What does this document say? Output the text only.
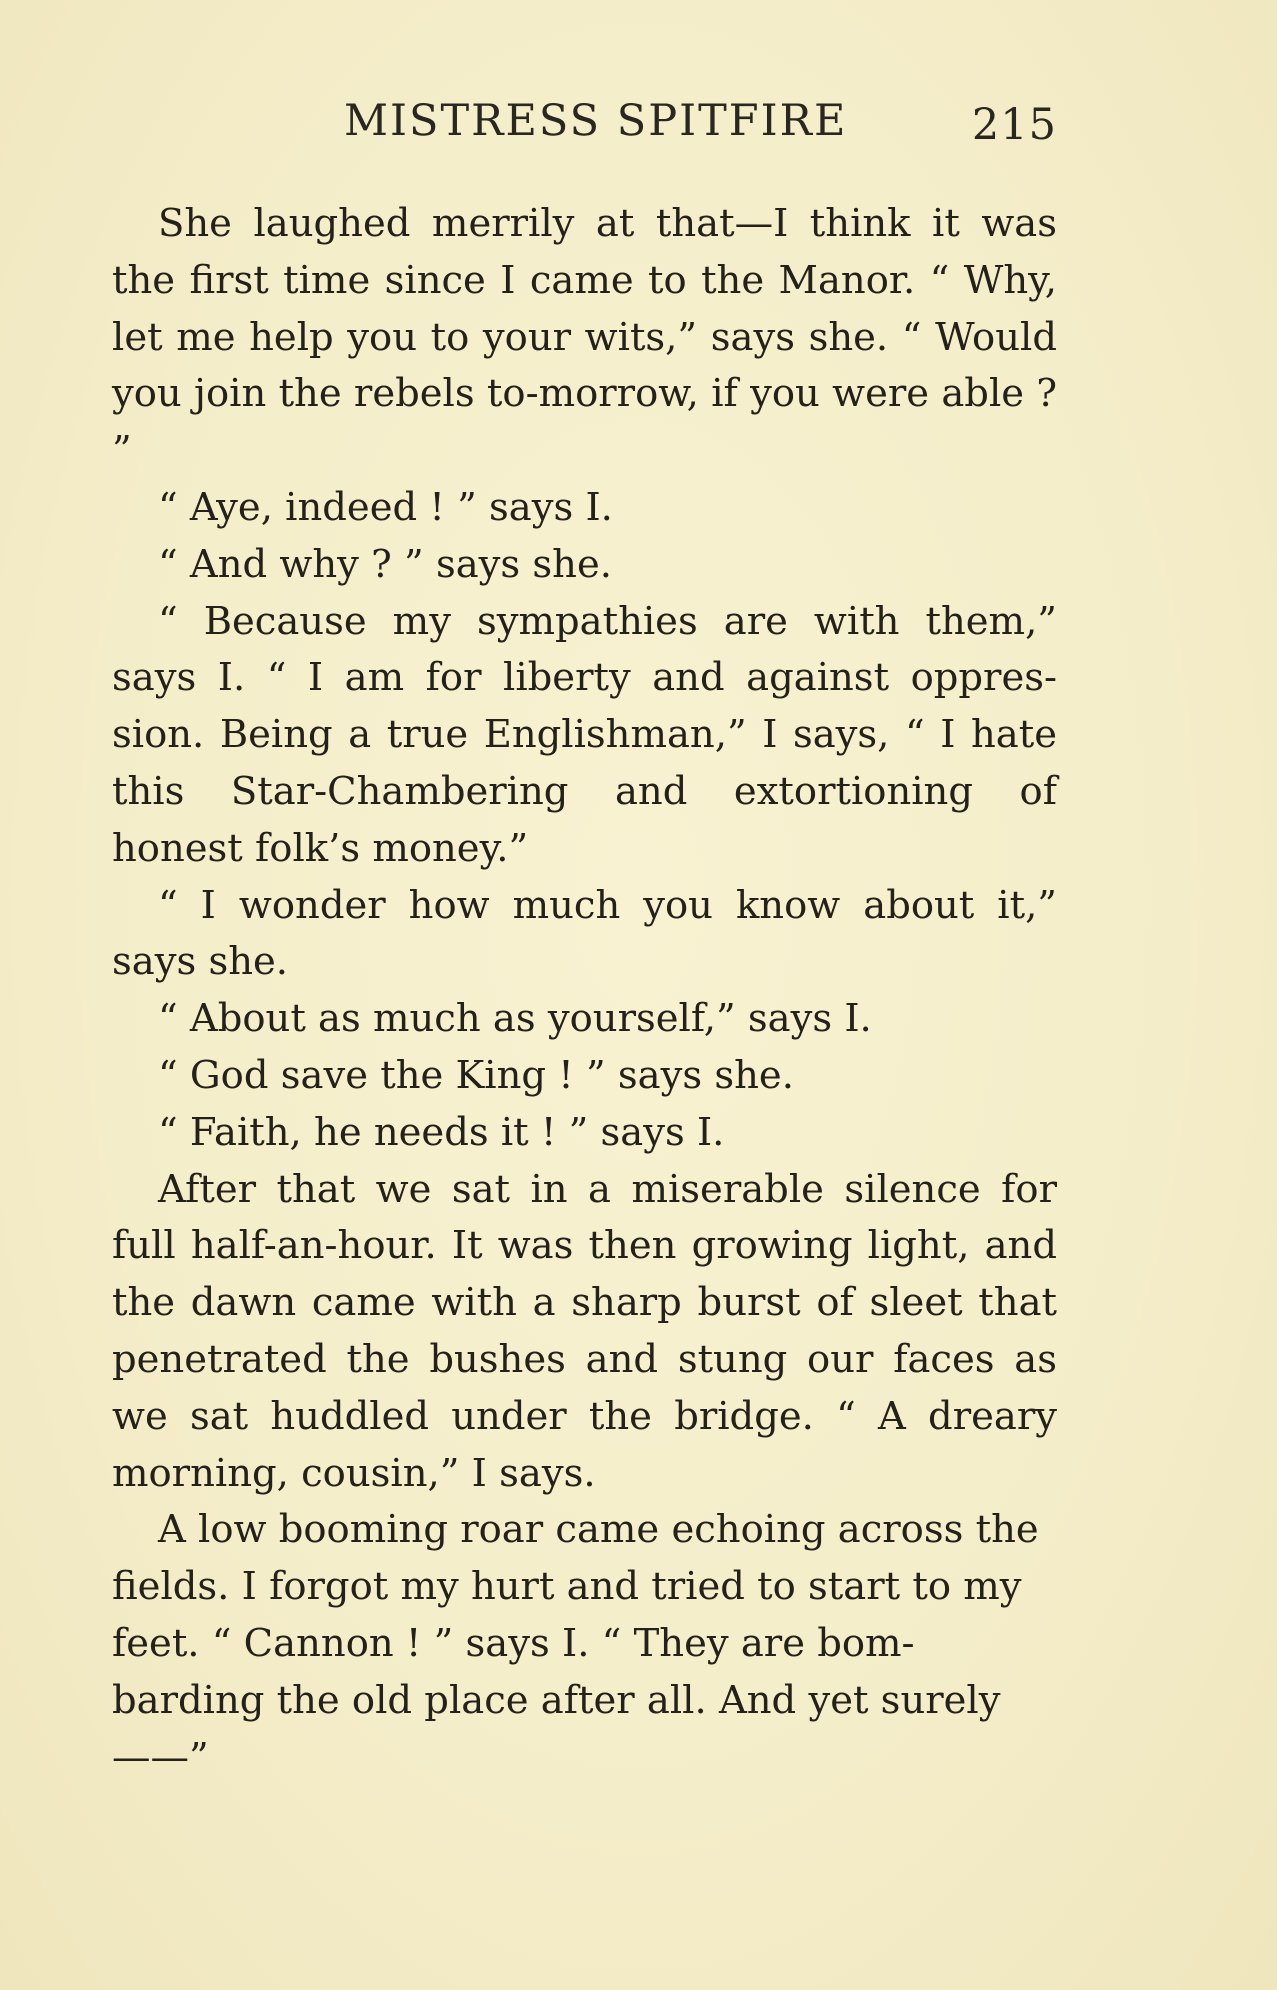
MISTRESS SPITFIRE	215

She laughed merrily at that—I think it was the first time since I came to the Manor. “ Why, let me help you to your wits,” says she. “ Would you join the rebels to-morrow, if you were able ? ”

“ Aye, indeed ! ” says I.

“ And why ? ” says she.

“ Because my sympathies are with them,” says I. “ I am for liberty and against oppres-sion. Being a true Englishman,” I says, “ I hate this Star-Chambering and extortioning of honest folk’s money.”

“ I wonder how much you know about it,” says she.

“ About as much as yourself,” says I.

“ God save the King ! ” says she.

“ Faith, he needs it ! ” says I.

After that we sat in a miserable silence for full half-an-hour. It was then growing light, and the dawn came with a sharp burst of sleet that penetrated the bushes and stung our faces as we sat huddled under the bridge. “ A dreary morning, cousin,” I says.

A low booming roar came echoing across the fields. I forgot my hurt and tried to start to my feet. “ Cannon ! ” says I. “ They are bom-barding the old place after all. And yet surely——”
